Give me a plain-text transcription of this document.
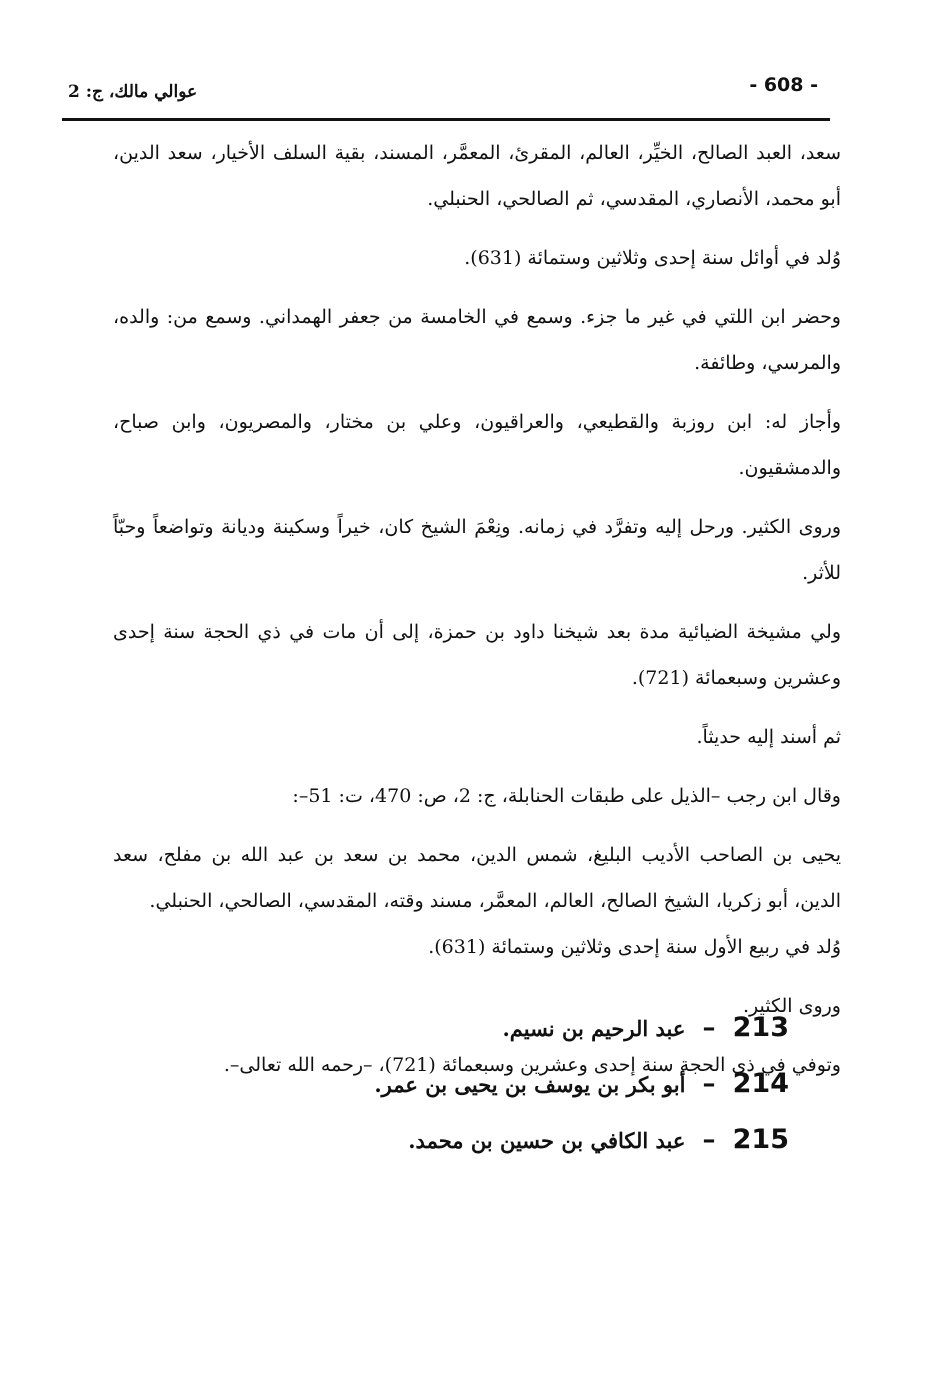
- 608 -
عوالي مالك، ج: 2

سعد، العبد الصالح، الخيِّر، العالم، المقرئ، المعمَّر، المسند، بقية السلف الأخيار، سعد الدين، أبو محمد، الأنصاري، المقدسي، ثم الصالحي، الحنبلي.

وُلد في أوائل سنة إحدى وثلاثين وستمائة (631).

وحضر ابن اللتي في غير ما جزء. وسمع في الخامسة من جعفر الهمداني. وسمع من: والده، والمرسي، وطائفة.

وأجاز له: ابن روزبة والقطيعي، والعراقيون، وعلي بن مختار، والمصريون، وابن صباح، والدمشقيون.

وروى الكثير. ورحل إليه وتفرَّد في زمانه. ونِعْمَ الشيخ كان، خيراً وسكينة وديانة وتواضعاً وحبّاً للأثر.

ولي مشيخة الضيائية مدة بعد شيخنا داود بن حمزة، إلى أن مات في ذي الحجة سنة إحدى وعشرين وسبعمائة (721).

ثم أسند إليه حديثاً.

وقال ابن رجب –الذيل على طبقات الحنابلة، ج: 2، ص: 470، ت: 51–:

يحيى بن الصاحب الأديب البليغ، شمس الدين، محمد بن سعد بن عبد الله بن مفلح، سعد الدين، أبو زكريا، الشيخ الصالح، العالم، المعمَّر، مسند وقته، المقدسي، الصالحي، الحنبلي.

وُلد في ربيع الأول سنة إحدى وثلاثين وستمائة (631).

وروى الكثير.

وتوفي في ذي الحجة سنة إحدى وعشرين وسبعمائة (721)، –رحمه الله تعالى–.

213 – عبد الرحيم بن نسيم.
214 – أبو بكر بن يوسف بن يحيى بن عمر.
215 – عبد الكافي بن حسين بن محمد.
